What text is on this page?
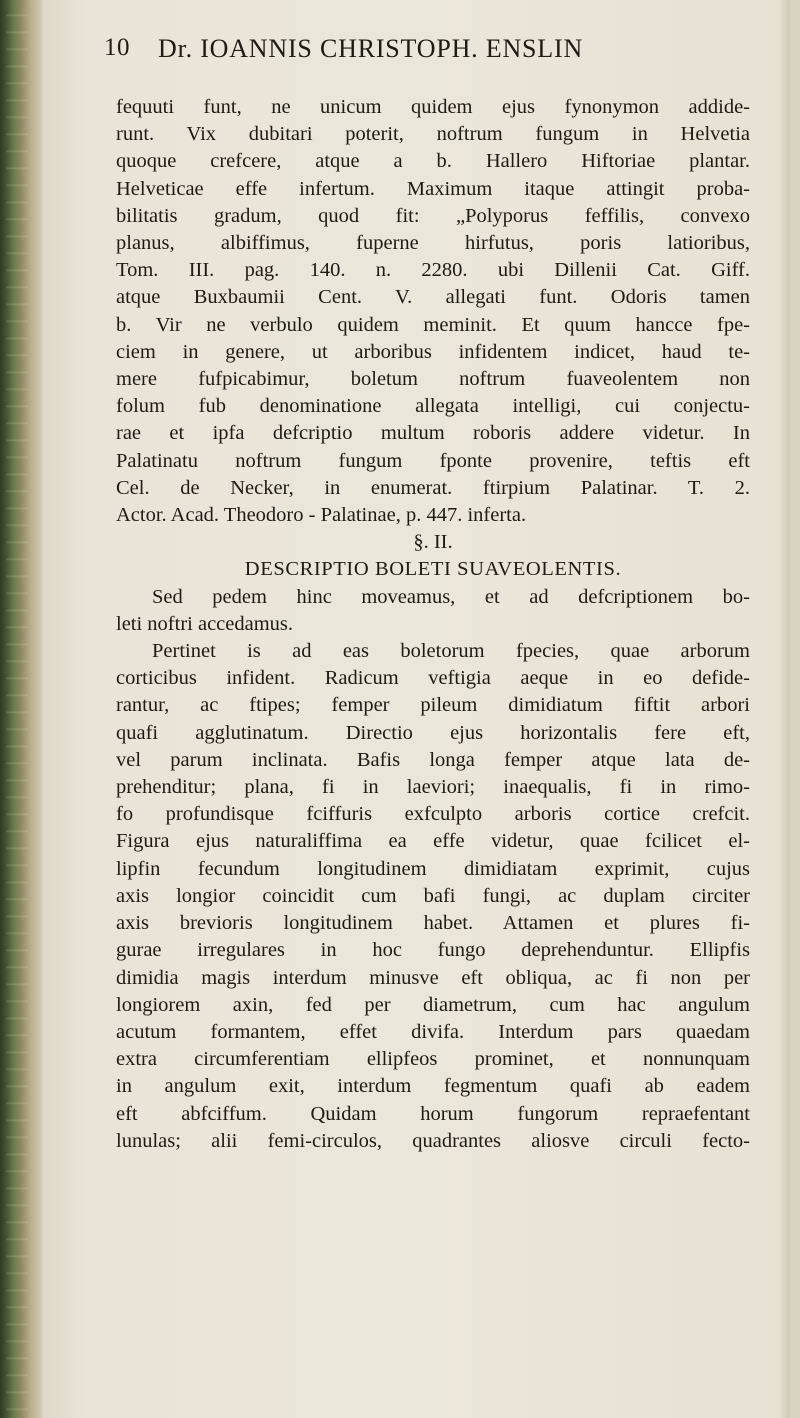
10 Dr. IOANNIS CHRISTOPH. ENSLIN
fequuti funt, ne unicum quidem ejus fynonymon addide-
runt. Vix dubitari poterit, noftrum fungum in Helvetia
quoque crefcere, atque a b. Hallero Hiftoriae plantar.
Helveticae effe infertum. Maximum itaque attingit proba-
bilitatis gradum, quod fit: „Polyporus feffilis, convexo
planus, albiffimus, fuperne hirfutus, poris latioribus,
Tom. III. pag. 140. n. 2280. ubi Dillenii Cat. Giff.
atque Buxbaumii Cent. V. allegati funt. Odoris tamen
b. Vir ne verbulo quidem meminit. Et quum hancce fpe-
ciem in genere, ut arboribus infidentem indicet, haud te-
mere fufpicabimur, boletum noftrum fuaveolentem non
folum fub denominatione allegata intelligi, cui conjectu-
rae et ipfa defcriptio multum roboris addere videtur. In
Palatinatu noftrum fungum fponte provenire, teftis eft
Cel. de Necker, in enumerat. ftirpium Palatinar. T. 2.
Actor. Acad. Theodoro - Palatinae, p. 447. inferta.
§. II.
DESCRIPTIO BOLETI SUAVEOLENTIS.
Sed pedem hinc moveamus, et ad defcriptionem bo-
leti noftri accedamus.
Pertinet is ad eas boletorum fpecies, quae arborum
corticibus infident. Radicum veftigia aeque in eo defide-
rantur, ac ftipes; femper pileum dimidiatum fiftit arbori
quafi agglutinatum. Directio ejus horizontalis fere eft,
vel parum inclinata. Bafis longa femper atque lata de-
prehenditur; plana, fi in laeviori; inaequalis, fi in rimo-
fo profundisque fciffuris exfculpto arboris cortice crefcit.
Figura ejus naturaliffima ea effe videtur, quae fcilicet el-
lipfin fecundum longitudinem dimidiatam exprimit, cujus
axis longior coincidit cum bafi fungi, ac duplam circiter
axis brevioris longitudinem habet. Attamen et plures fi-
gurae irregulares in hoc fungo deprehenduntur. Ellipfis
dimidia magis interdum minusve eft obliqua, ac fi non per
longiorem axin, fed per diametrum, cum hac angulum
acutum formantem, effet divifa. Interdum pars quaedam
extra circumferentiam ellipfeos prominet, et nonnunquam
in angulum exit, interdum fegmentum quafi ab eadem
eft abfciffum. Quidam horum fungorum repraefentant
lunulas; alii femi-circulos, quadrantes aliosve circuli fecto-
